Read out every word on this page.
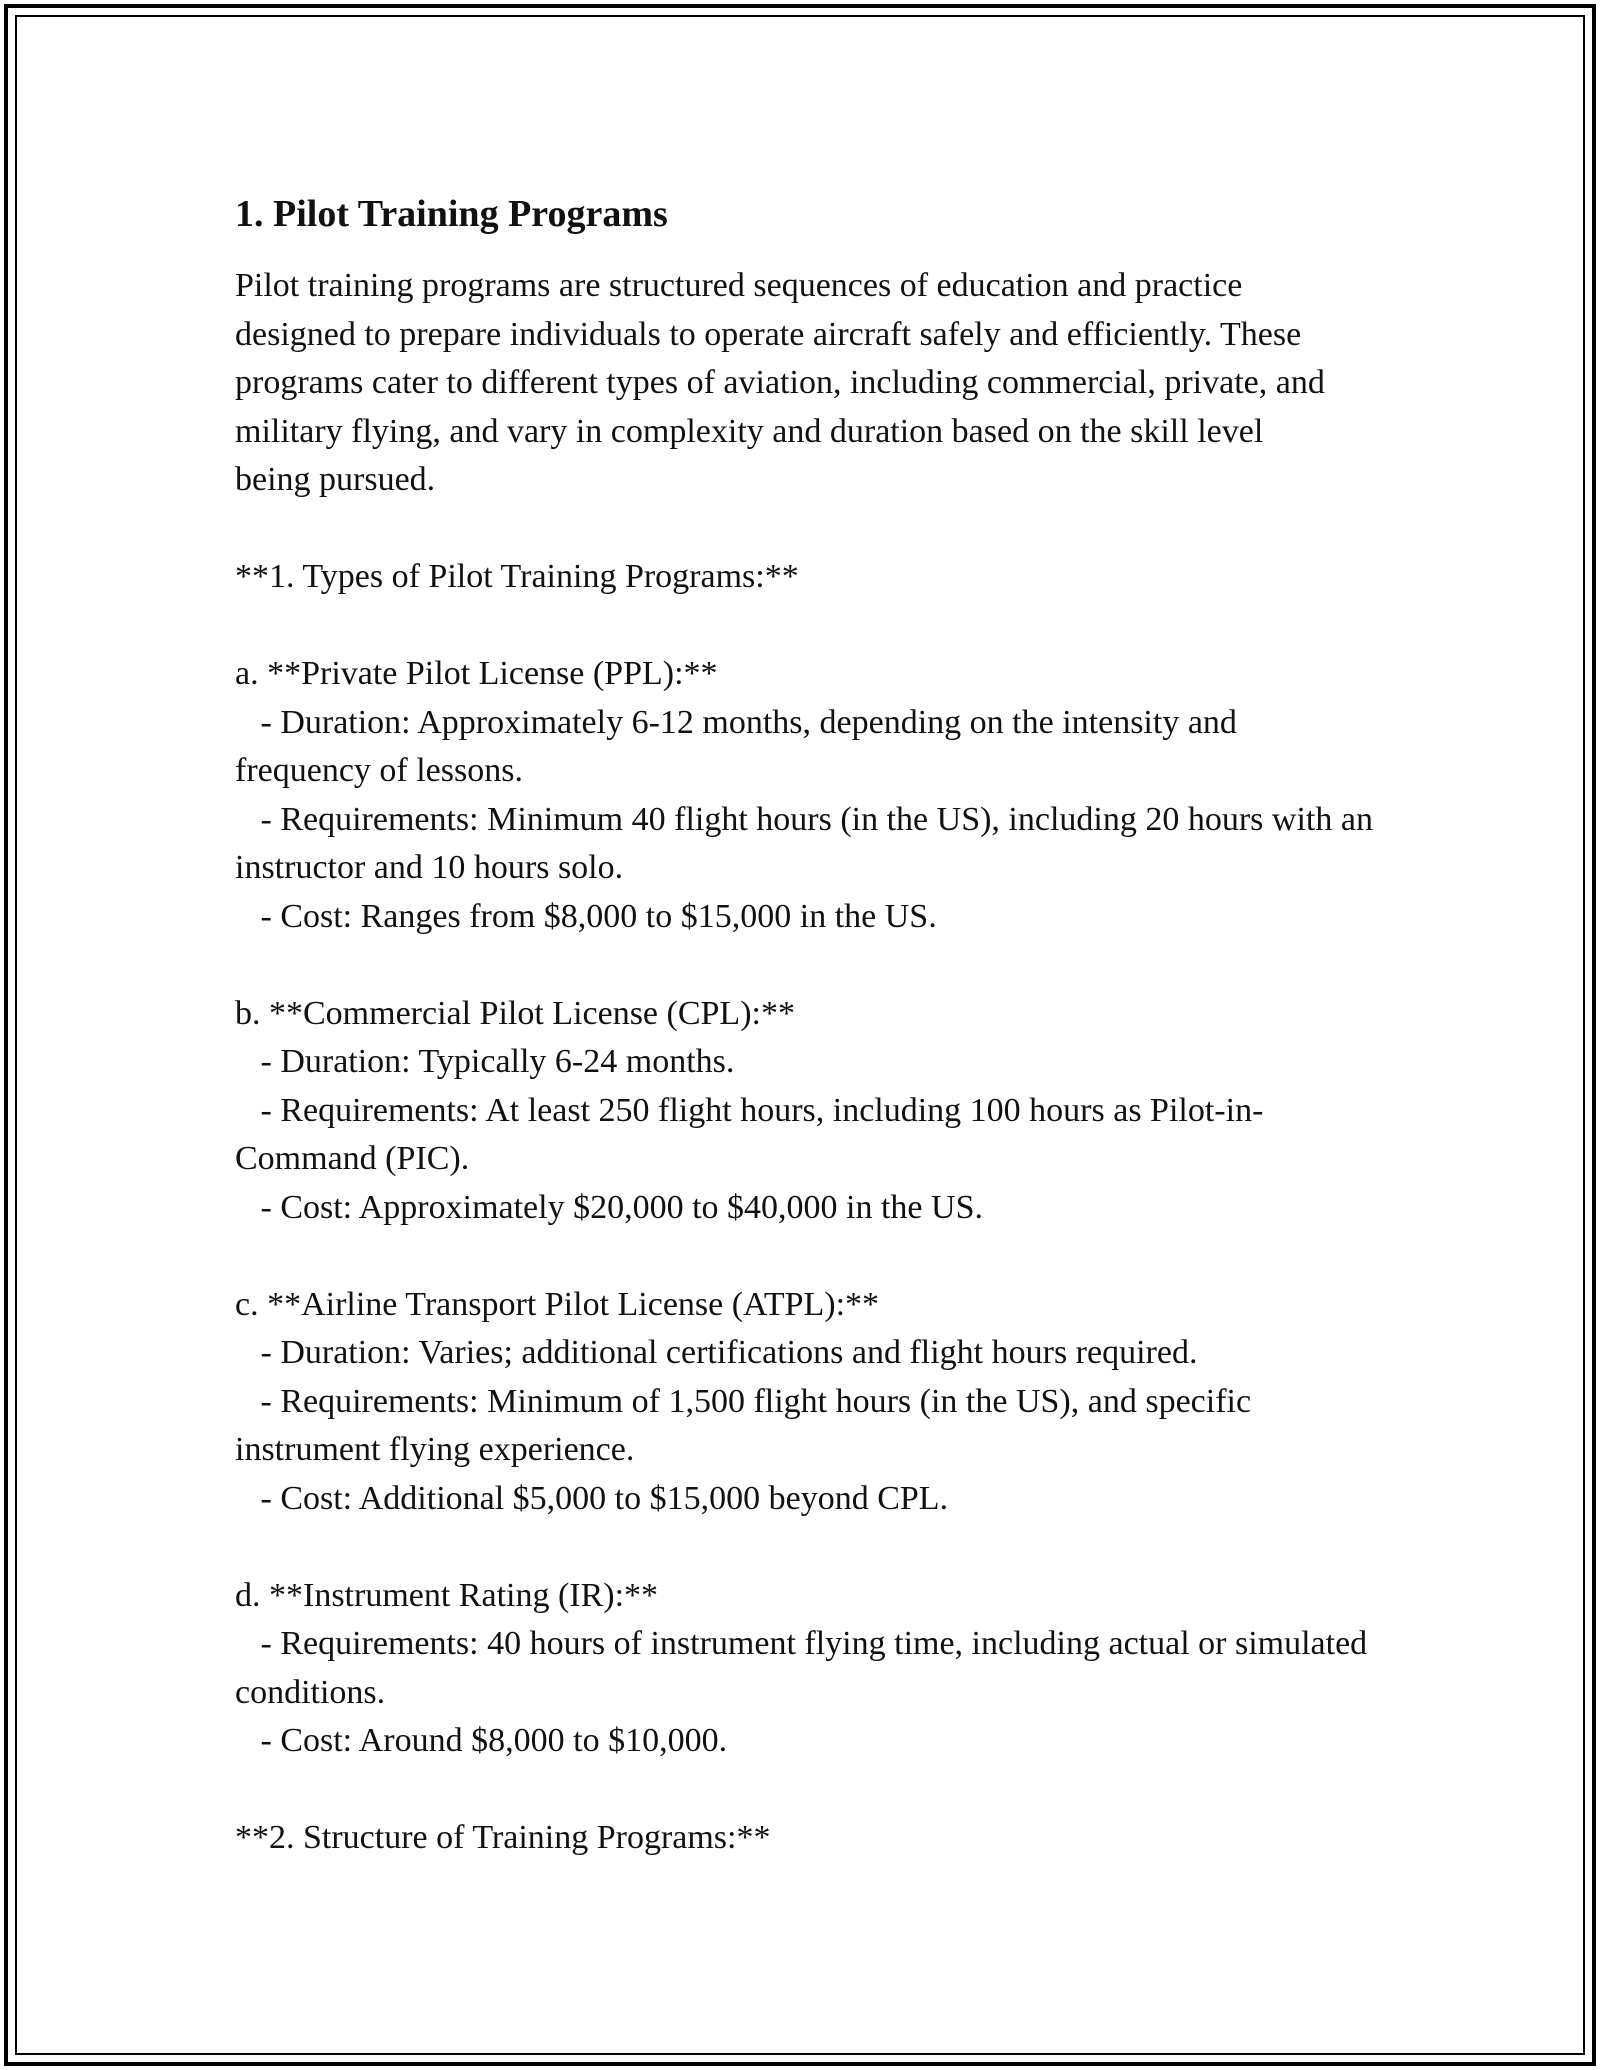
1. Pilot Training Programs

Pilot training programs are structured sequences of education and practice designed to prepare individuals to operate aircraft safely and efficiently. These programs cater to different types of aviation, including commercial, private, and military flying, and vary in complexity and duration based on the skill level being pursued.

**1. Types of Pilot Training Programs:**

a. **Private Pilot License (PPL):**

- Duration: Approximately 6-12 months, depending on the intensity and frequency of lessons.

- Requirements: Minimum 40 flight hours (in the US), including 20 hours with an instructor and 10 hours solo.

- Cost: Ranges from $8,000 to $15,000 in the US.

b. **Commercial Pilot License (CPL):**

- Duration: Typically 6-24 months.

- Requirements: At least 250 flight hours, including 100 hours as Pilot-in-Command (PIC).

- Cost: Approximately $20,000 to $40,000 in the US.

c. **Airline Transport Pilot License (ATPL):**

- Duration: Varies; additional certifications and flight hours required.

- Requirements: Minimum of 1,500 flight hours (in the US), and specific instrument flying experience.

- Cost: Additional $5,000 to $15,000 beyond CPL.

d. **Instrument Rating (IR):**

- Requirements: 40 hours of instrument flying time, including actual or simulated conditions.

- Cost: Around $8,000 to $10,000.

**2. Structure of Training Programs:**
